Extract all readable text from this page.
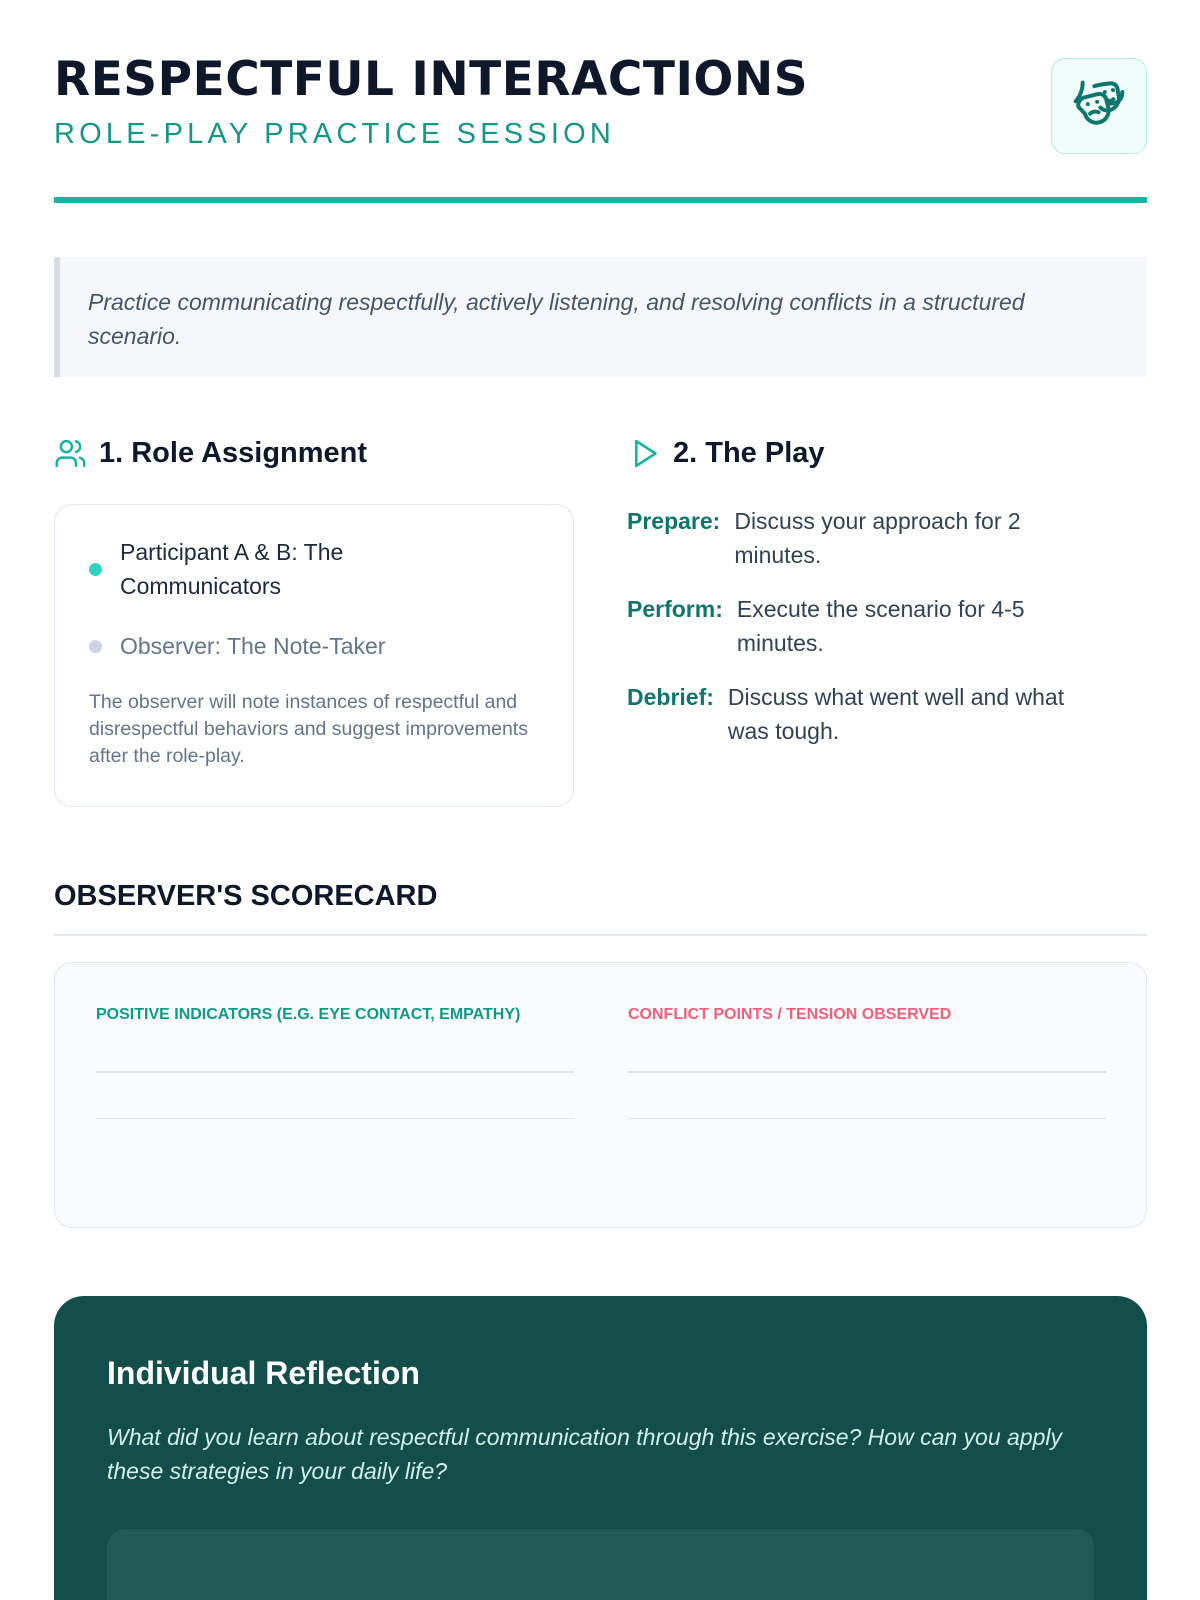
RESPECTFUL INTERACTIONS
ROLE-PLAY PRACTICE SESSION

Practice communicating respectfully, actively listening, and resolving conflicts in a structured scenario.

1. Role Assignment	2. The Play
Participant A & B: The Communicators
Observer: The Note-Taker

The observer will note instances of respectful and disrespectful behaviors and suggest improvements after the role-play.

Prepare: Discuss your approach for 2 minutes.
Perform: Execute the scenario for 4-5 minutes.
Debrief: Discuss what went well and what was tough.
OBSERVER'S SCORECARD
POSITIVE INDICATORS (E.G. EYE CONTACT, EMPATHY)	CONFLICT POINTS / TENSION OBSERVED
Individual Reflection

What did you learn about respectful communication through this exercise? How can you apply these strategies in your daily life?
